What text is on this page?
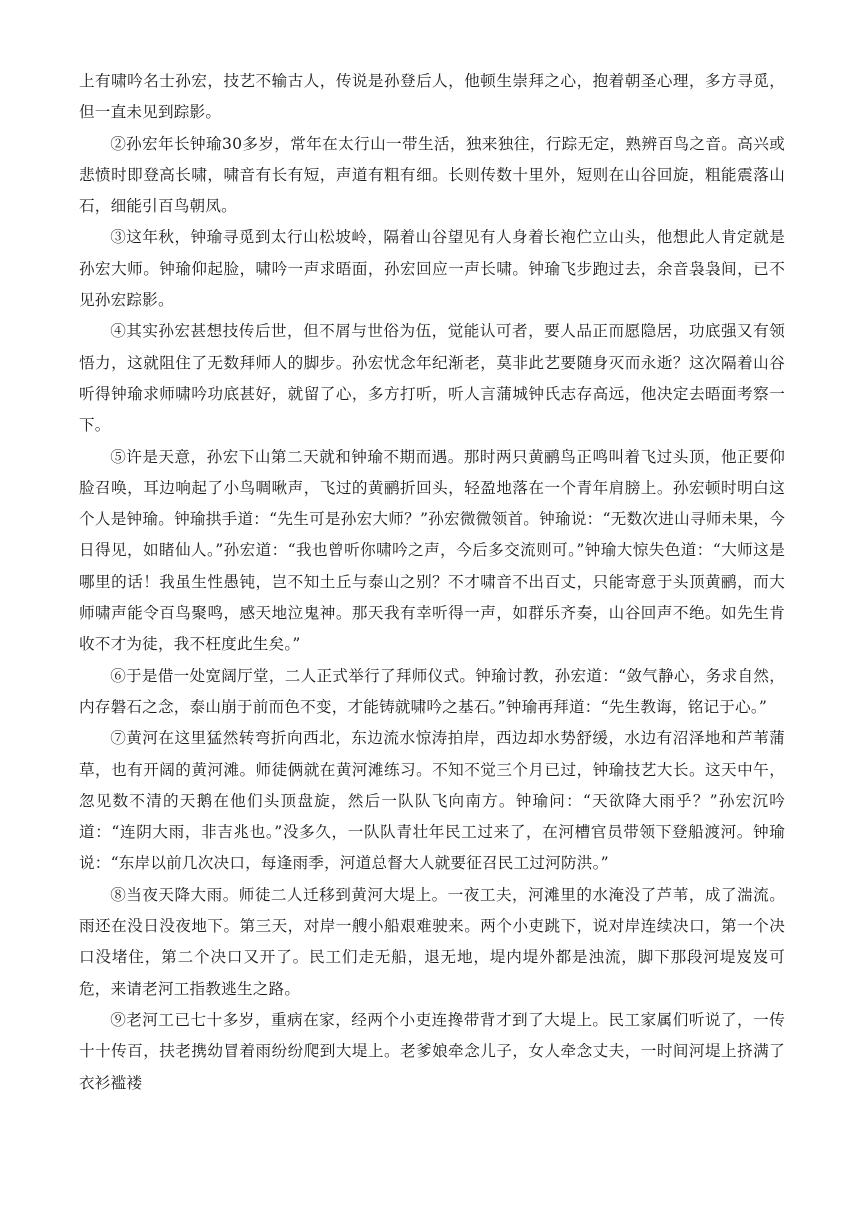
上有啸吟名士孙宏，技艺不输古人，传说是孙登后人，他顿生崇拜之心，抱着朝圣心理，多方寻觅，但一直未见到踪影。

②孙宏年长钟瑜30多岁，常年在太行山一带生活，独来独往，行踪无定，熟辨百鸟之音。高兴或悲愤时即登高长啸，啸音有长有短，声道有粗有细。长则传数十里外，短则在山谷回旋，粗能震落山石，细能引百鸟朝凤。

③这年秋，钟瑜寻觅到太行山松坡岭，隔着山谷望见有人身着长袍伫立山头，他想此人肯定就是孙宏大师。钟瑜仰起脸，啸吟一声求晤面，孙宏回应一声长啸。钟瑜飞步跑过去，余音袅袅间，已不见孙宏踪影。

④其实孙宏甚想技传后世，但不屑与世俗为伍，觉能认可者，要人品正而愿隐居，功底强又有领悟力，这就阻住了无数拜师人的脚步。孙宏忧念年纪渐老，莫非此艺要随身灭而永逝？这次隔着山谷听得钟瑜求师啸吟功底甚好，就留了心，多方打听，听人言蒲城钟氏志存高远，他决定去晤面考察一下。

⑤许是天意，孙宏下山第二天就和钟瑜不期而遇。那时两只黄鹂鸟正鸣叫着飞过头顶，他正要仰脸召唤，耳边响起了小鸟啁啾声，飞过的黄鹂折回头，轻盈地落在一个青年肩膀上。孙宏顿时明白这个人是钟瑜。钟瑜拱手道：“先生可是孙宏大师？”孙宏微微领首。钟瑜说：“无数次进山寻师未果，今日得见，如睹仙人。”孙宏道：“我也曾听你啸吟之声，今后多交流则可。”钟瑜大惊失色道：“大师这是哪里的话！我虽生性愚钝，岂不知土丘与泰山之别？不才啸音不出百丈，只能寄意于头顶黄鹂，而大师啸声能令百鸟聚鸣，感天地泣鬼神。那天我有幸听得一声，如群乐齐奏，山谷回声不绝。如先生肯收不才为徒，我不枉度此生矣。”

⑥于是借一处宽阔厅堂，二人正式举行了拜师仪式。钟瑜讨教，孙宏道：“敛气静心，务求自然，内存磐石之念，泰山崩于前而色不变，才能铸就啸吟之基石。”钟瑜再拜道：“先生教诲，铭记于心。”

⑦黄河在这里猛然转弯折向西北，东边流水惊涛拍岸，西边却水势舒缓，水边有沼泽地和芦苇蒲草，也有开阔的黄河滩。师徒俩就在黄河滩练习。不知不觉三个月已过，钟瑜技艺大长。这天中午，忽见数不清的天鹅在他们头顶盘旋，然后一队队飞向南方。钟瑜问：“天欲降大雨乎？”孙宏沉吟道：“连阴大雨，非吉兆也。”没多久，一队队青壮年民工过来了，在河槽官员带领下登船渡河。钟瑜说：“东岸以前几次决口，每逢雨季，河道总督大人就要征召民工过河防洪。”

⑧当夜天降大雨。师徒二人迁移到黄河大堤上。一夜工夫，河滩里的水淹没了芦苇，成了湍流。雨还在没日没夜地下。第三天，对岸一艘小船艰难驶来。两个小吏跳下，说对岸连续决口，第一个决口没堵住，第二个决口又开了。民工们走无船，退无地，堤内堤外都是浊流，脚下那段河堤岌岌可危，来请老河工指教逃生之路。

⑨老河工已七十多岁，重病在家，经两个小吏连搀带背才到了大堤上。民工家属们听说了，一传十十传百，扶老携幼冒着雨纷纷爬到大堤上。老爹娘牵念儿子，女人牵念丈夫，一时间河堤上挤满了衣衫褴褛
